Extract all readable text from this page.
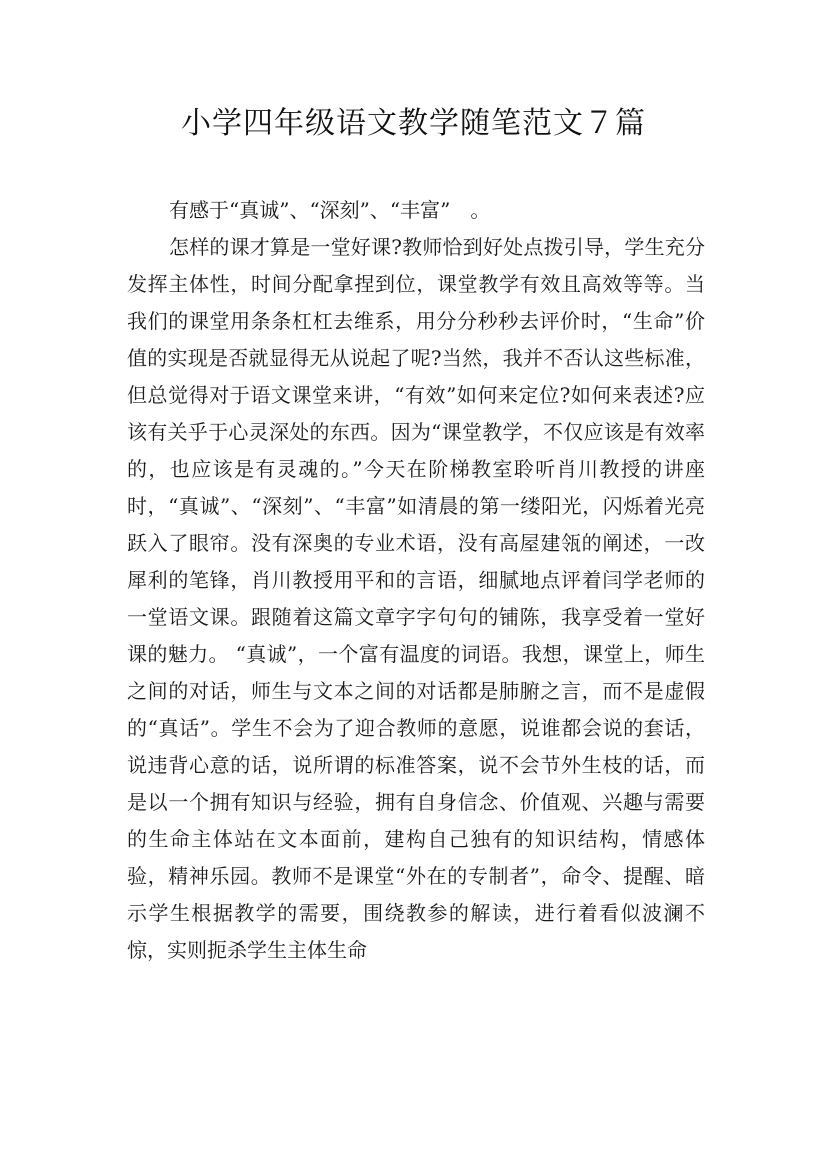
小学四年级语文教学随笔范文７篇

有感于“真诚”、“深刻”、“丰富”　。

怎样的课才算是一堂好课?教师恰到好处点拨引导，学生充分发挥主体性，时间分配拿捏到位，课堂教学有效且高效等等。当我们的课堂用条条杠杠去维系，用分分秒秒去评价时，“生命”价值的实现是否就显得无从说起了呢?当然，我并不否认这些标准，但总觉得对于语文课堂来讲，“有效”如何来定位?如何来表述?应该有关乎于心灵深处的东西。因为“课堂教学，不仅应该是有效率的，也应该是有灵魂的。”今天在阶梯教室聆听肖川教授的讲座时，“真诚”、“深刻”、“丰富”如清晨的第一缕阳光，闪烁着光亮跃入了眼帘。没有深奥的专业术语，没有高屋建瓴的阐述，一改犀利的笔锋，肖川教授用平和的言语，细腻地点评着闫学老师的一堂语文课。跟随着这篇文章字字句句的铺陈，我享受着一堂好课的魅力。 “真诚”，一个富有温度的词语。我想，课堂上，师生之间的对话，师生与文本之间的对话都是肺腑之言，而不是虚假的“真话”。学生不会为了迎合教师的意愿，说谁都会说的套话，说违背心意的话，说所谓的标准答案，说不会节外生枝的话，而是以一个拥有知识与经验，拥有自身信念、价值观、兴趣与需要的生命主体站在文本面前，建构自己独有的知识结构，情感体验，精神乐园。教师不是课堂“外在的专制者”，命令、提醒、暗示学生根据教学的需要，围绕教参的解读，进行着看似波澜不惊，实则扼杀学生主体生命
